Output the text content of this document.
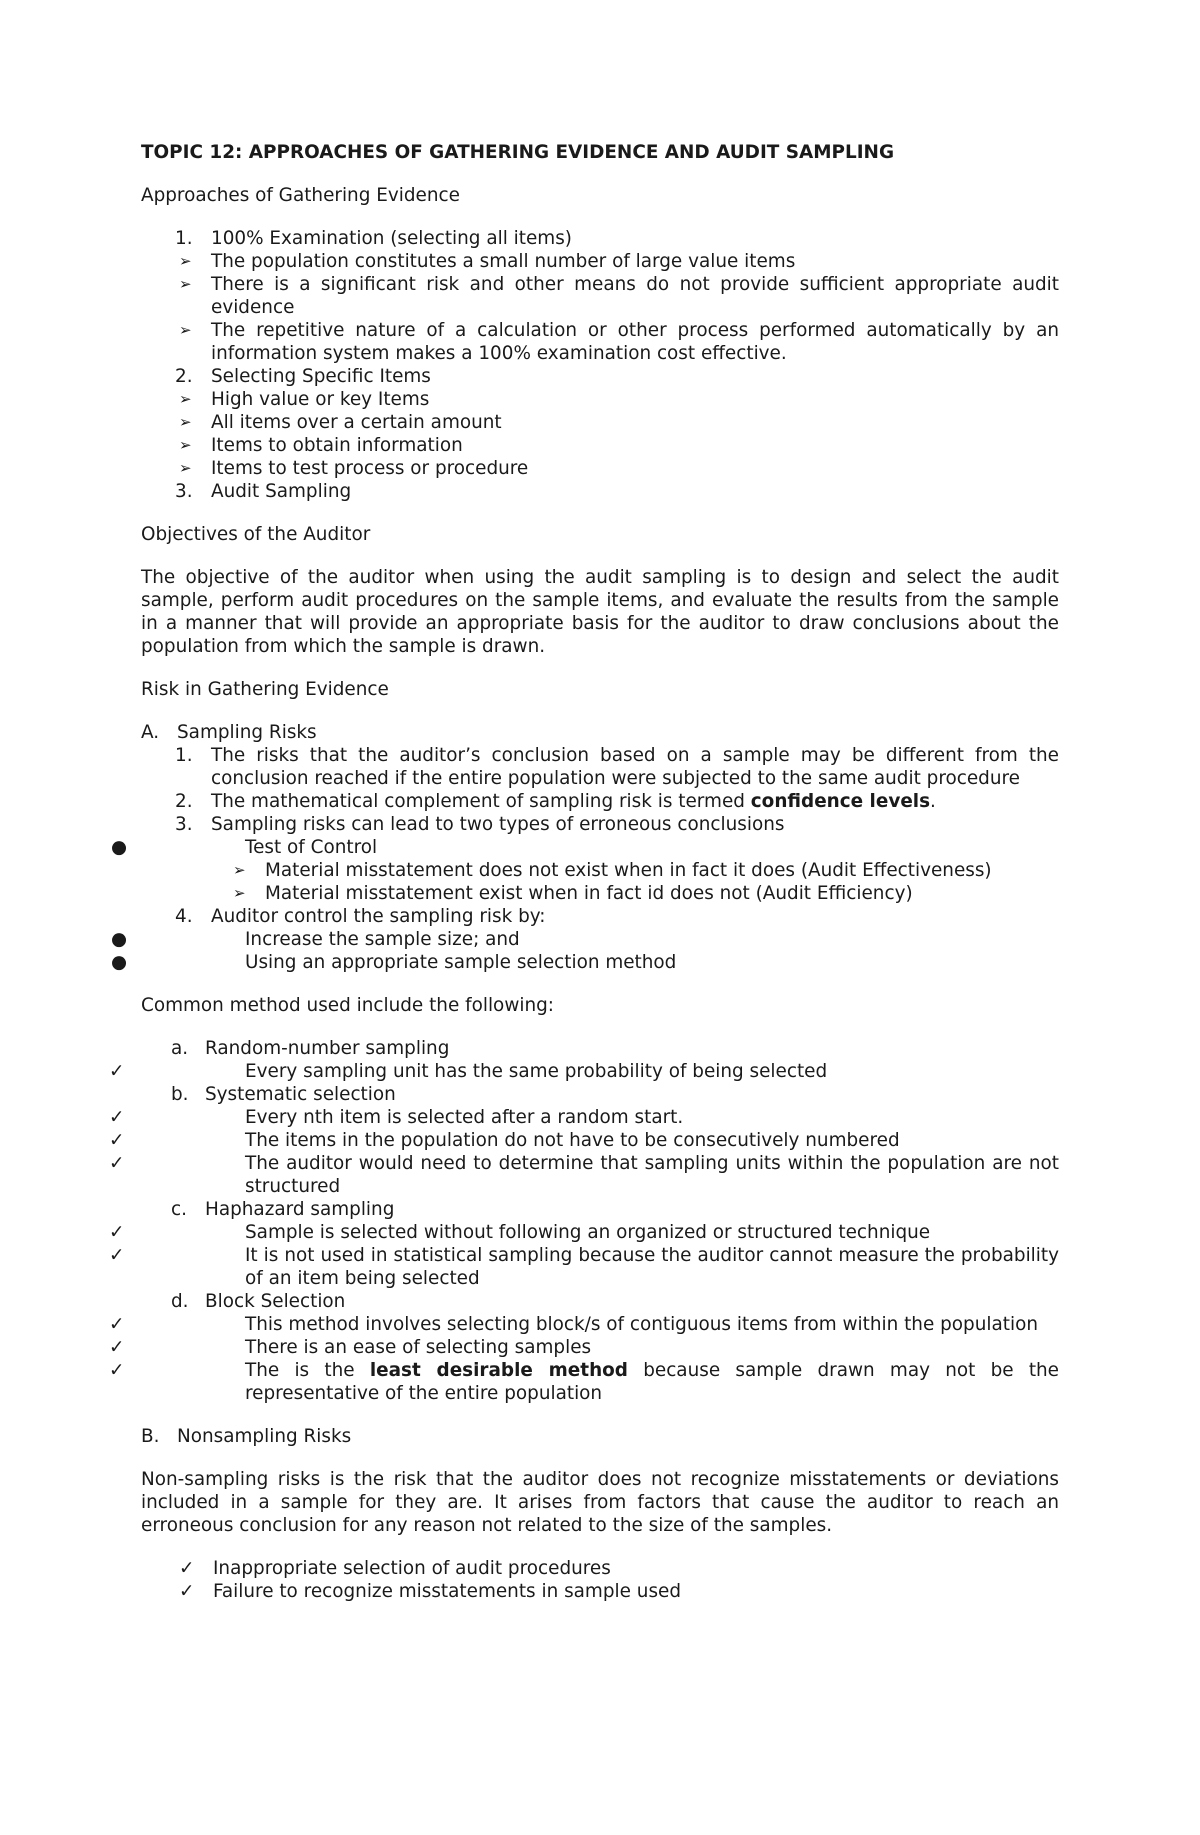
TOPIC 12: APPROACHES OF GATHERING EVIDENCE AND AUDIT SAMPLING

Approaches of Gathering Evidence

1. 100% Examination (selecting all items)
➢ The population constitutes a small number of large value items
➢ There is a significant risk and other means do not provide sufficient appropriate audit evidence
➢ The repetitive nature of a calculation or other process performed automatically by an information system makes a 100% examination cost effective.
2. Selecting Specific Items
➢ High value or key Items
➢ All items over a certain amount
➢ Items to obtain information
➢ Items to test process or procedure
3. Audit Sampling

Objectives of the Auditor

The objective of the auditor when using the audit sampling is to design and select the audit sample, perform audit procedures on the sample items, and evaluate the results from the sample in a manner that will provide an appropriate basis for the auditor to draw conclusions about the population from which the sample is drawn.

Risk in Gathering Evidence

A. Sampling Risks
1. The risks that the auditor’s conclusion based on a sample may be different from the conclusion reached if the entire population were subjected to the same audit procedure
2. The mathematical complement of sampling risk is termed confidence levels.
3. Sampling risks can lead to two types of erroneous conclusions
●	Test of Control
➢ Material misstatement does not exist when in fact it does (Audit Effectiveness)
➢ Material misstatement exist when in fact id does not (Audit Efficiency)
4. Auditor control the sampling risk by:
●	Increase the sample size; and
●	Using an appropriate sample selection method

Common method used include the following:

a. Random-number sampling
✓	Every sampling unit has the same probability of being selected
b. Systematic selection
✓	Every nth item is selected after a random start.
✓	The items in the population do not have to be consecutively numbered
✓	The auditor would need to determine that sampling units within the population are not structured
c. Haphazard sampling
✓	Sample is selected without following an organized or structured technique
✓	It is not used in statistical sampling because the auditor cannot measure the probability of an item being selected
d. Block Selection
✓	This method involves selecting block/s of contiguous items from within the population
✓	There is an ease of selecting samples
✓	The is the least desirable method because sample drawn may not be the representative of the entire population
B. Nonsampling Risks

Non-sampling risks is the risk that the auditor does not recognize misstatements or deviations included in a sample for they are. It arises from factors that cause the auditor to reach an erroneous conclusion for any reason not related to the size of the samples.

✓ Inappropriate selection of audit procedures
✓ Failure to recognize misstatements in sample used
